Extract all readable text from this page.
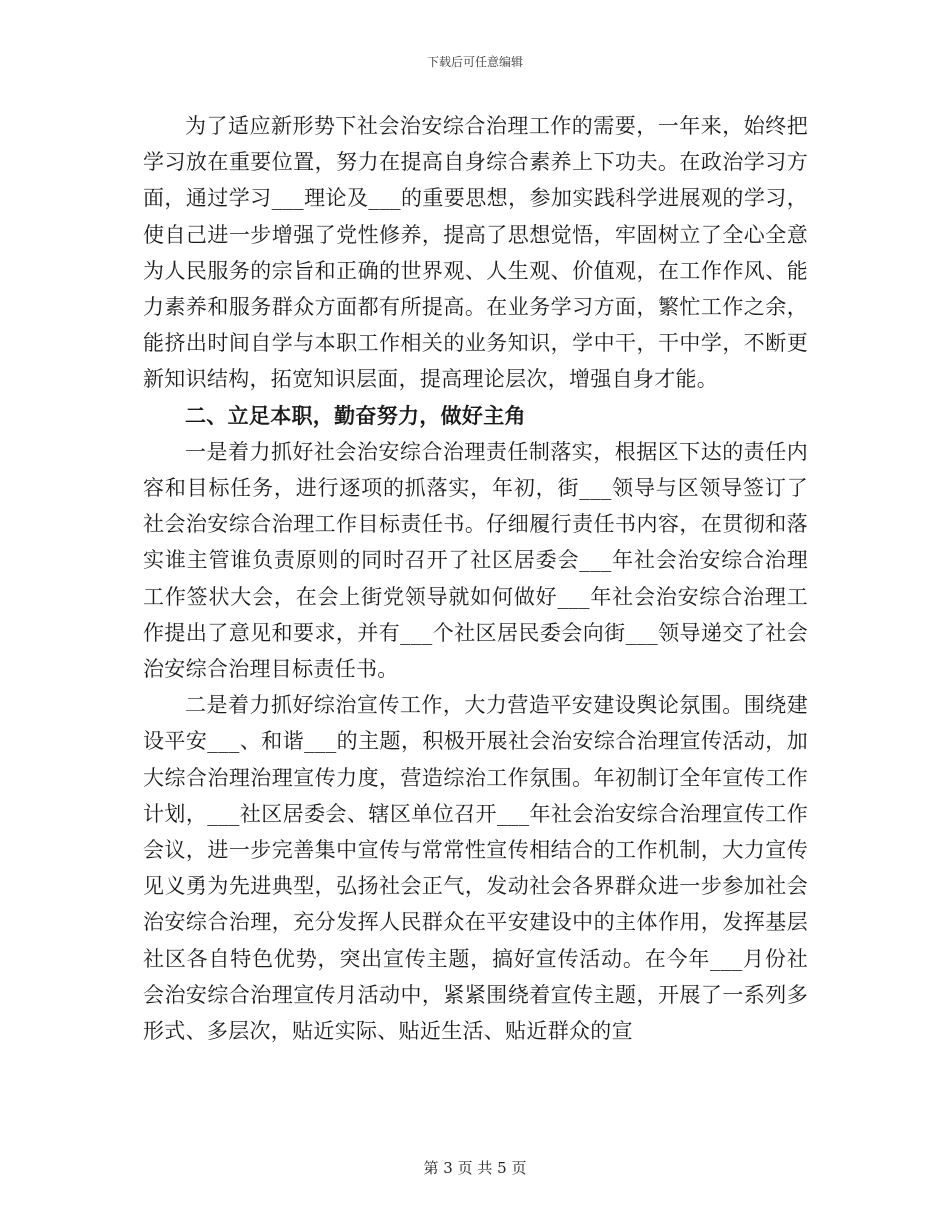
下载后可任意编辑

为了适应新形势下社会治安综合治理工作的需要，一年来，始终把学习放在重要位置，努力在提高自身综合素养上下功夫。在政治学习方面，通过学习___理论及___的重要思想，参加实践科学进展观的学习，使自己进一步增强了党性修养，提高了思想觉悟，牢固树立了全心全意为人民服务的宗旨和正确的世界观、人生观、价值观，在工作作风、能力素养和服务群众方面都有所提高。在业务学习方面，繁忙工作之余，能挤出时间自学与本职工作相关的业务知识，学中干，干中学，不断更新知识结构，拓宽知识层面，提高理论层次，增强自身才能。

二、立足本职，勤奋努力，做好主角

一是着力抓好社会治安综合治理责任制落实，根据区下达的责任内容和目标任务，进行逐项的抓落实，年初，街___领导与区领导签订了社会治安综合治理工作目标责任书。仔细履行责任书内容，在贯彻和落实谁主管谁负责原则的同时召开了社区居委会___年社会治安综合治理工作签状大会，在会上街党领导就如何做好___年社会治安综合治理工作提出了意见和要求，并有___个社区居民委会向街___领导递交了社会治安综合治理目标责任书。

二是着力抓好综治宣传工作，大力营造平安建设舆论氛围。围绕建设平安___、和谐___的主题，积极开展社会治安综合治理宣传活动，加大综合治理治理宣传力度，营造综治工作氛围。年初制订全年宣传工作计划，___社区居委会、辖区单位召开___年社会治安综合治理宣传工作会议，进一步完善集中宣传与常常性宣传相结合的工作机制，大力宣传见义勇为先进典型，弘扬社会正气，发动社会各界群众进一步参加社会治安综合治理，充分发挥人民群众在平安建设中的主体作用，发挥基层社区各自特色优势，突出宣传主题，搞好宣传活动。在今年___月份社会治安综合治理宣传月活动中，紧紧围绕着宣传主题，开展了一系列多形式、多层次，贴近实际、贴近生活、贴近群众的宣

第 3 页 共 5 页
